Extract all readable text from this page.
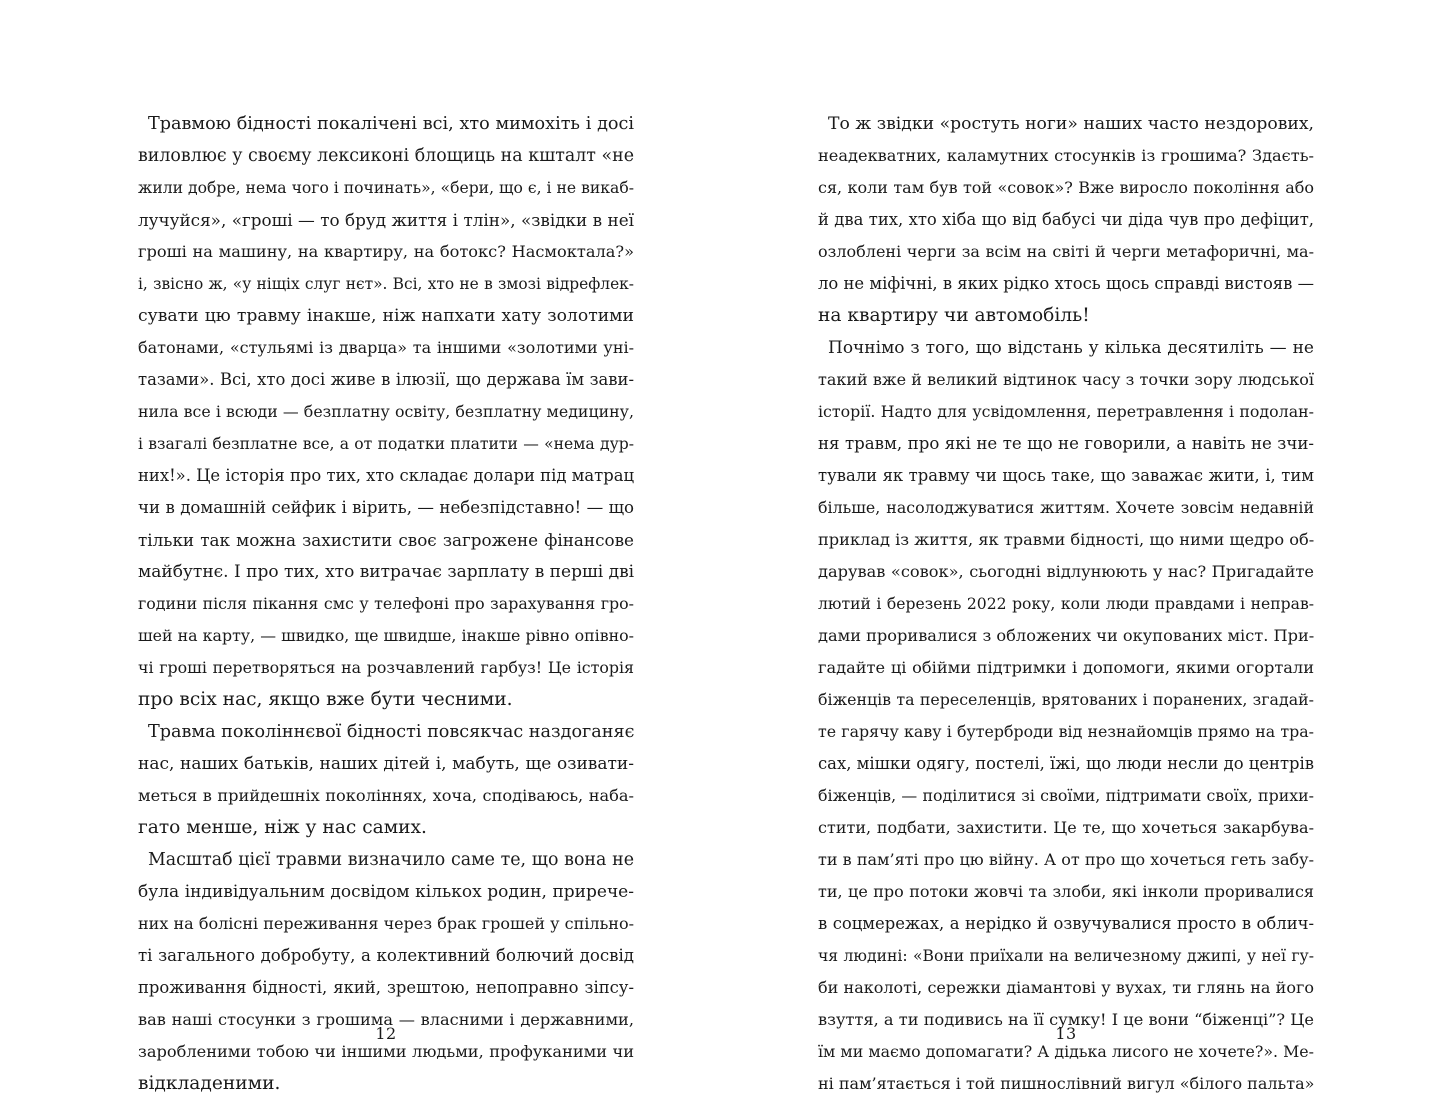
Травмою бідності покалічені всі, хто мимохіть і досі
виловлює у своєму лексиконі блощиць на кшталт «не
жили добре, нема чого і починать», «бери, що є, і не викаб-
лучуйся», «гроші — то бруд життя і тлін», «звідки в неї
гроші на машину, на квартиру, на ботокс? Насмоктала?»
і, звісно ж, «у ніщіх слуг нєт». Всі, хто не в змозі відрефлек-
сувати цю травму інакше, ніж напхати хату золотими
батонами, «стульямі із дварца» та іншими «золотими уні-
тазами». Всі, хто досі живе в ілюзії, що держава їм зави-
нила все і всюди — безплатну освіту, безплатну медицину,
і взагалі безплатне все, а от податки платити — «нема дур-
них!». Це історія про тих, хто складає долари під матрац
чи в домашній сейфик і вірить, — небезпідставно! — що
тільки так можна захистити своє загрожене фінансове
майбутнє. І про тих, хто витрачає зарплату в перші дві
години після пікання смс у телефоні про зарахування гро-
шей на карту, — швидко, ще швидше, інакше рівно опівно-
чі гроші перетворяться на розчавлений гарбуз! Це історія
про всіх нас, якщо вже бути чесними.
Травма поколіннєвої бідності повсякчас наздоганяє
нас, наших батьків, наших дітей і, мабуть, ще озивати-
меться в прийдешніх поколіннях, хоча, сподіваюсь, наба-
гато менше, ніж у нас самих.
Масштаб цієї травми визначило саме те, що вона не
була індивідуальним досвідом кількох родин, прирече-
них на болісні переживання через брак грошей у спільно-
ті загального добробуту, а колективний болючий досвід
проживання бідності, який, зрештою, непоправно зіпсу-
вав наші стосунки з грошима — власними і державними,
заробленими тобою чи іншими людьми, профуканими чи
відкладеними.
12
То ж звідки «ростуть ноги» наших часто нездорових,
неадекватних, каламутних стосунків із грошима? Здаєть-
ся, коли там був той «совок»? Вже виросло покоління або
й два тих, хто хіба що від бабусі чи діда чув про дефіцит,
озлоблені черги за всім на світі й черги метафоричні, ма-
ло не міфічні, в яких рідко хтось щось справді вистояв —
на квартиру чи автомобіль!
Почнімо з того, що відстань у кілька десятиліть — не
такий вже й великий відтинок часу з точки зору людської
історії. Надто для усвідомлення, перетравлення і подолан-
ня травм, про які не те що не говорили, а навіть не зчи-
тували як травму чи щось таке, що заважає жити, і, тим
більше, насолоджуватися життям. Хочете зовсім недавній
приклад із життя, як травми бідності, що ними щедро об-
дарував «совок», сьогодні відлунюють у нас? Пригадайте
лютий і березень 2022 року, коли люди правдами і неправ-
дами проривалися з обложених чи окупованих міст. При-
гадайте ці обійми підтримки і допомоги, якими огортали
біженців та переселенців, врятованих і поранених, згадай-
те гарячу каву і бутерброди від незнайомців прямо на тра-
сах, мішки одягу, постелі, їжі, що люди несли до центрів
біженців, — поділитися зі своїми, підтримати своїх, прихи-
стити, подбати, захистити. Це те, що хочеться закарбува-
ти в пам’яті про цю війну. А от про що хочеться геть забу-
ти, це про потоки жовчі та злоби, які інколи проривалися
в соцмережах, а нерідко й озвучувалися просто в облич-
чя людині: «Вони приїхали на величезному джипі, у неї гу-
би наколоті, сережки діамантові у вухах, ти глянь на його
взуття, а ти подивись на її сумку! І це вони “біженці”? Це
їм ми маємо допомагати? А дідька лисого не хочете?». Ме-
ні пам’ятається і той пишнослівний вигул «білого пальта»
13
